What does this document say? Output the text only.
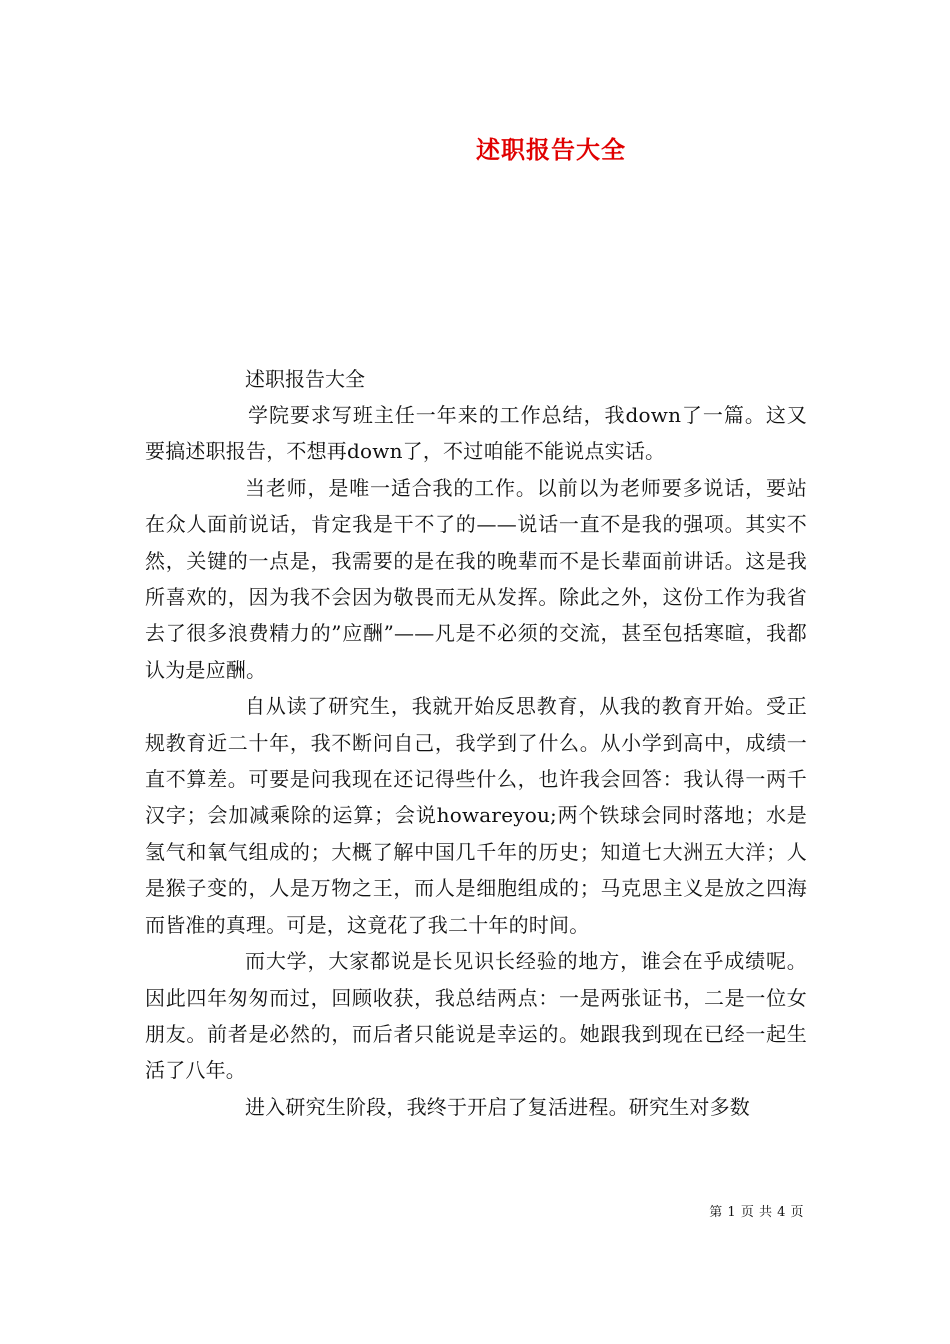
述职报告大全

述职报告大全

学院要求写班主任一年来的工作总结，我down了一篇。这又要搞述职报告，不想再down了，不过咱能不能说点实话。

当老师，是唯一适合我的工作。以前以为老师要多说话，要站在众人面前说话，肯定我是干不了的——说话一直不是我的强项。其实不然，关键的一点是，我需要的是在我的晚辈而不是长辈面前讲话。这是我所喜欢的，因为我不会因为敬畏而无从发挥。除此之外，这份工作为我省去了很多浪费精力的”应酬”——凡是不必须的交流，甚至包括寒暄，我都认为是应酬。

自从读了研究生，我就开始反思教育，从我的教育开始。受正规教育近二十年，我不断问自己，我学到了什么。从小学到高中，成绩一直不算差。可要是问我现在还记得些什么，也许我会回答：我认得一两千汉字；会加减乘除的运算；会说howareyou;两个铁球会同时落地；水是氢气和氧气组成的；大概了解中国几千年的历史；知道七大洲五大洋；人是猴子变的，人是万物之王，而人是细胞组成的；马克思主义是放之四海而皆准的真理。可是，这竟花了我二十年的时间。

而大学，大家都说是长见识长经验的地方，谁会在乎成绩呢。因此四年匆匆而过，回顾收获，我总结两点：一是两张证书，二是一位女朋友。前者是必然的，而后者只能说是幸运的。她跟我到现在已经一起生活了八年。

进入研究生阶段，我终于开启了复活进程。研究生对多数

第 1 页 共 4 页
